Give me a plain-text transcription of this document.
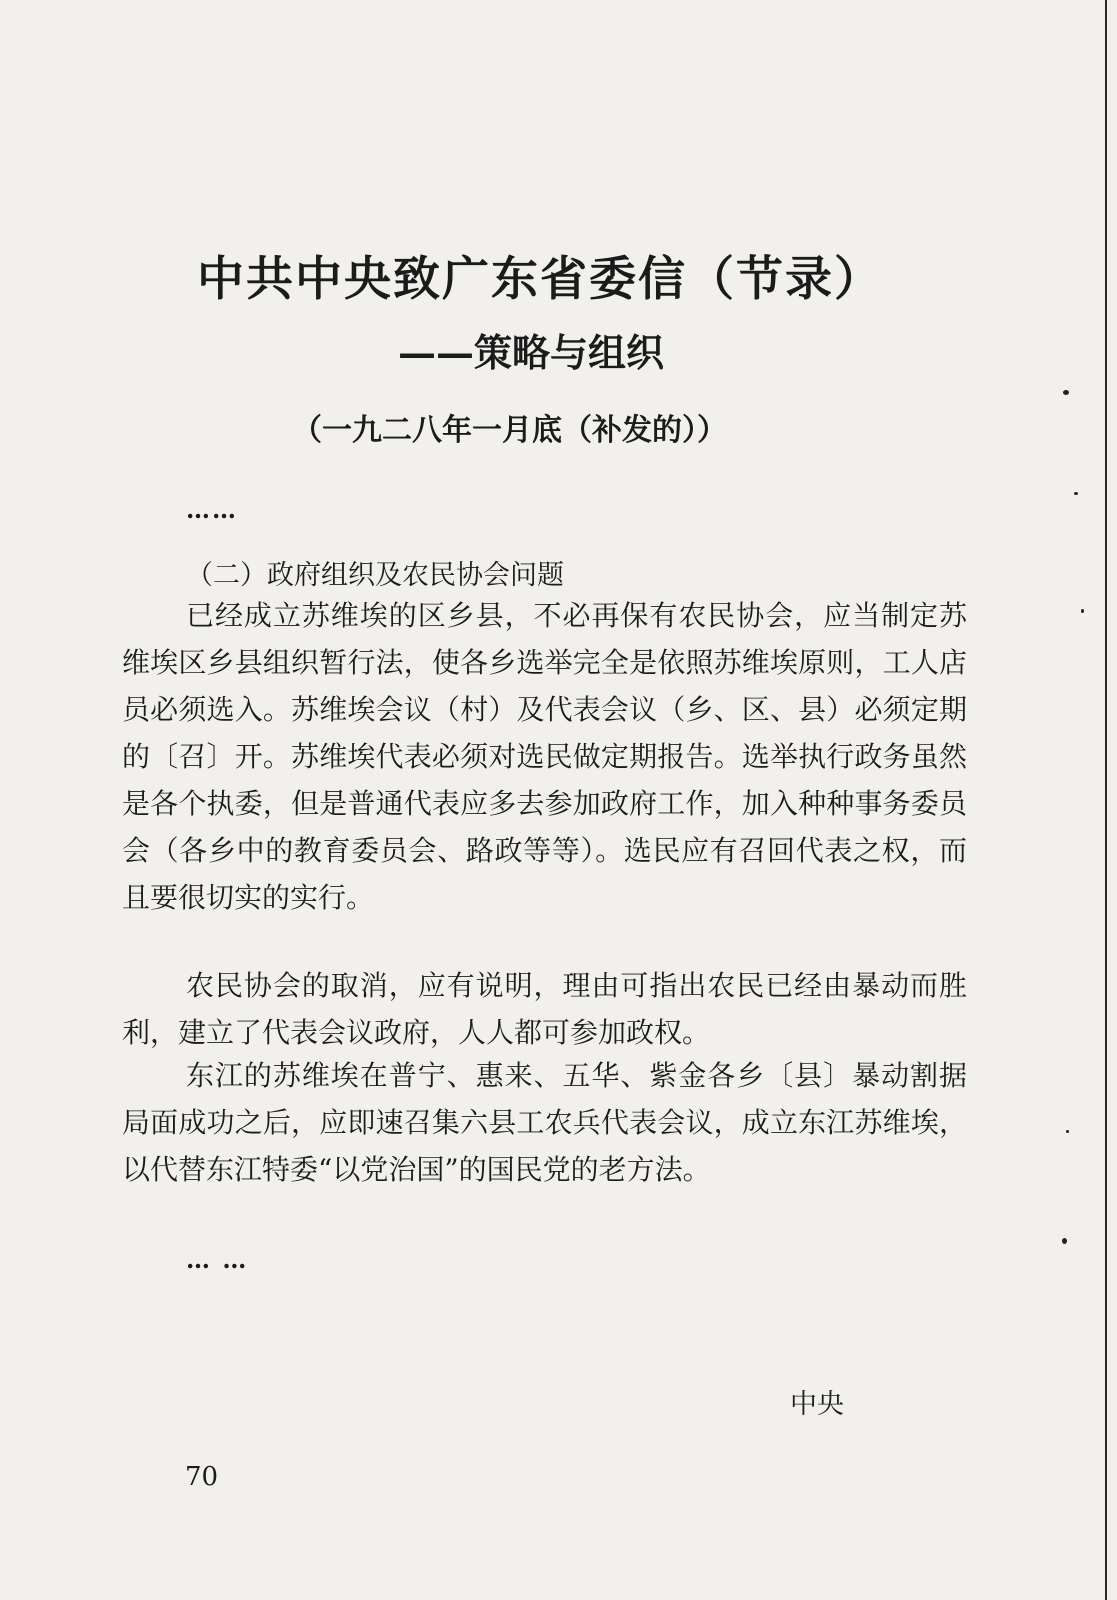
中共中央致广东省委信（节录）
——策略与组织
（一九二八年一月底（补发的））
……
（二）政府组织及农民协会问题

已经成立苏维埃的区乡县，不必再保有农民协会，应当制定苏维埃区乡县组织暂行法，使各乡选举完全是依照苏维埃原则，工人店员必须选入。苏维埃会议（村）及代表会议（乡、区、县）必须定期的〔召〕开。苏维埃代表必须对选民做定期报告。选举执行政务虽然是各个执委，但是普通代表应多去参加政府工作，加入种种事务委员会（各乡中的教育委员会、路政等等）。选民应有召回代表之权，而且要很切实的实行。

农民协会的取消，应有说明，理由可指出农民已经由暴动而胜利，建立了代表会议政府，人人都可参加政权。

东江的苏维埃在普宁、惠来、五华、紫金各乡〔县〕暴动割据局面成功之后，应即速召集六县工农兵代表会议，成立东江苏维埃，以代替东江特委“以党治国”的国民党的老方法。

… …
中央
70
